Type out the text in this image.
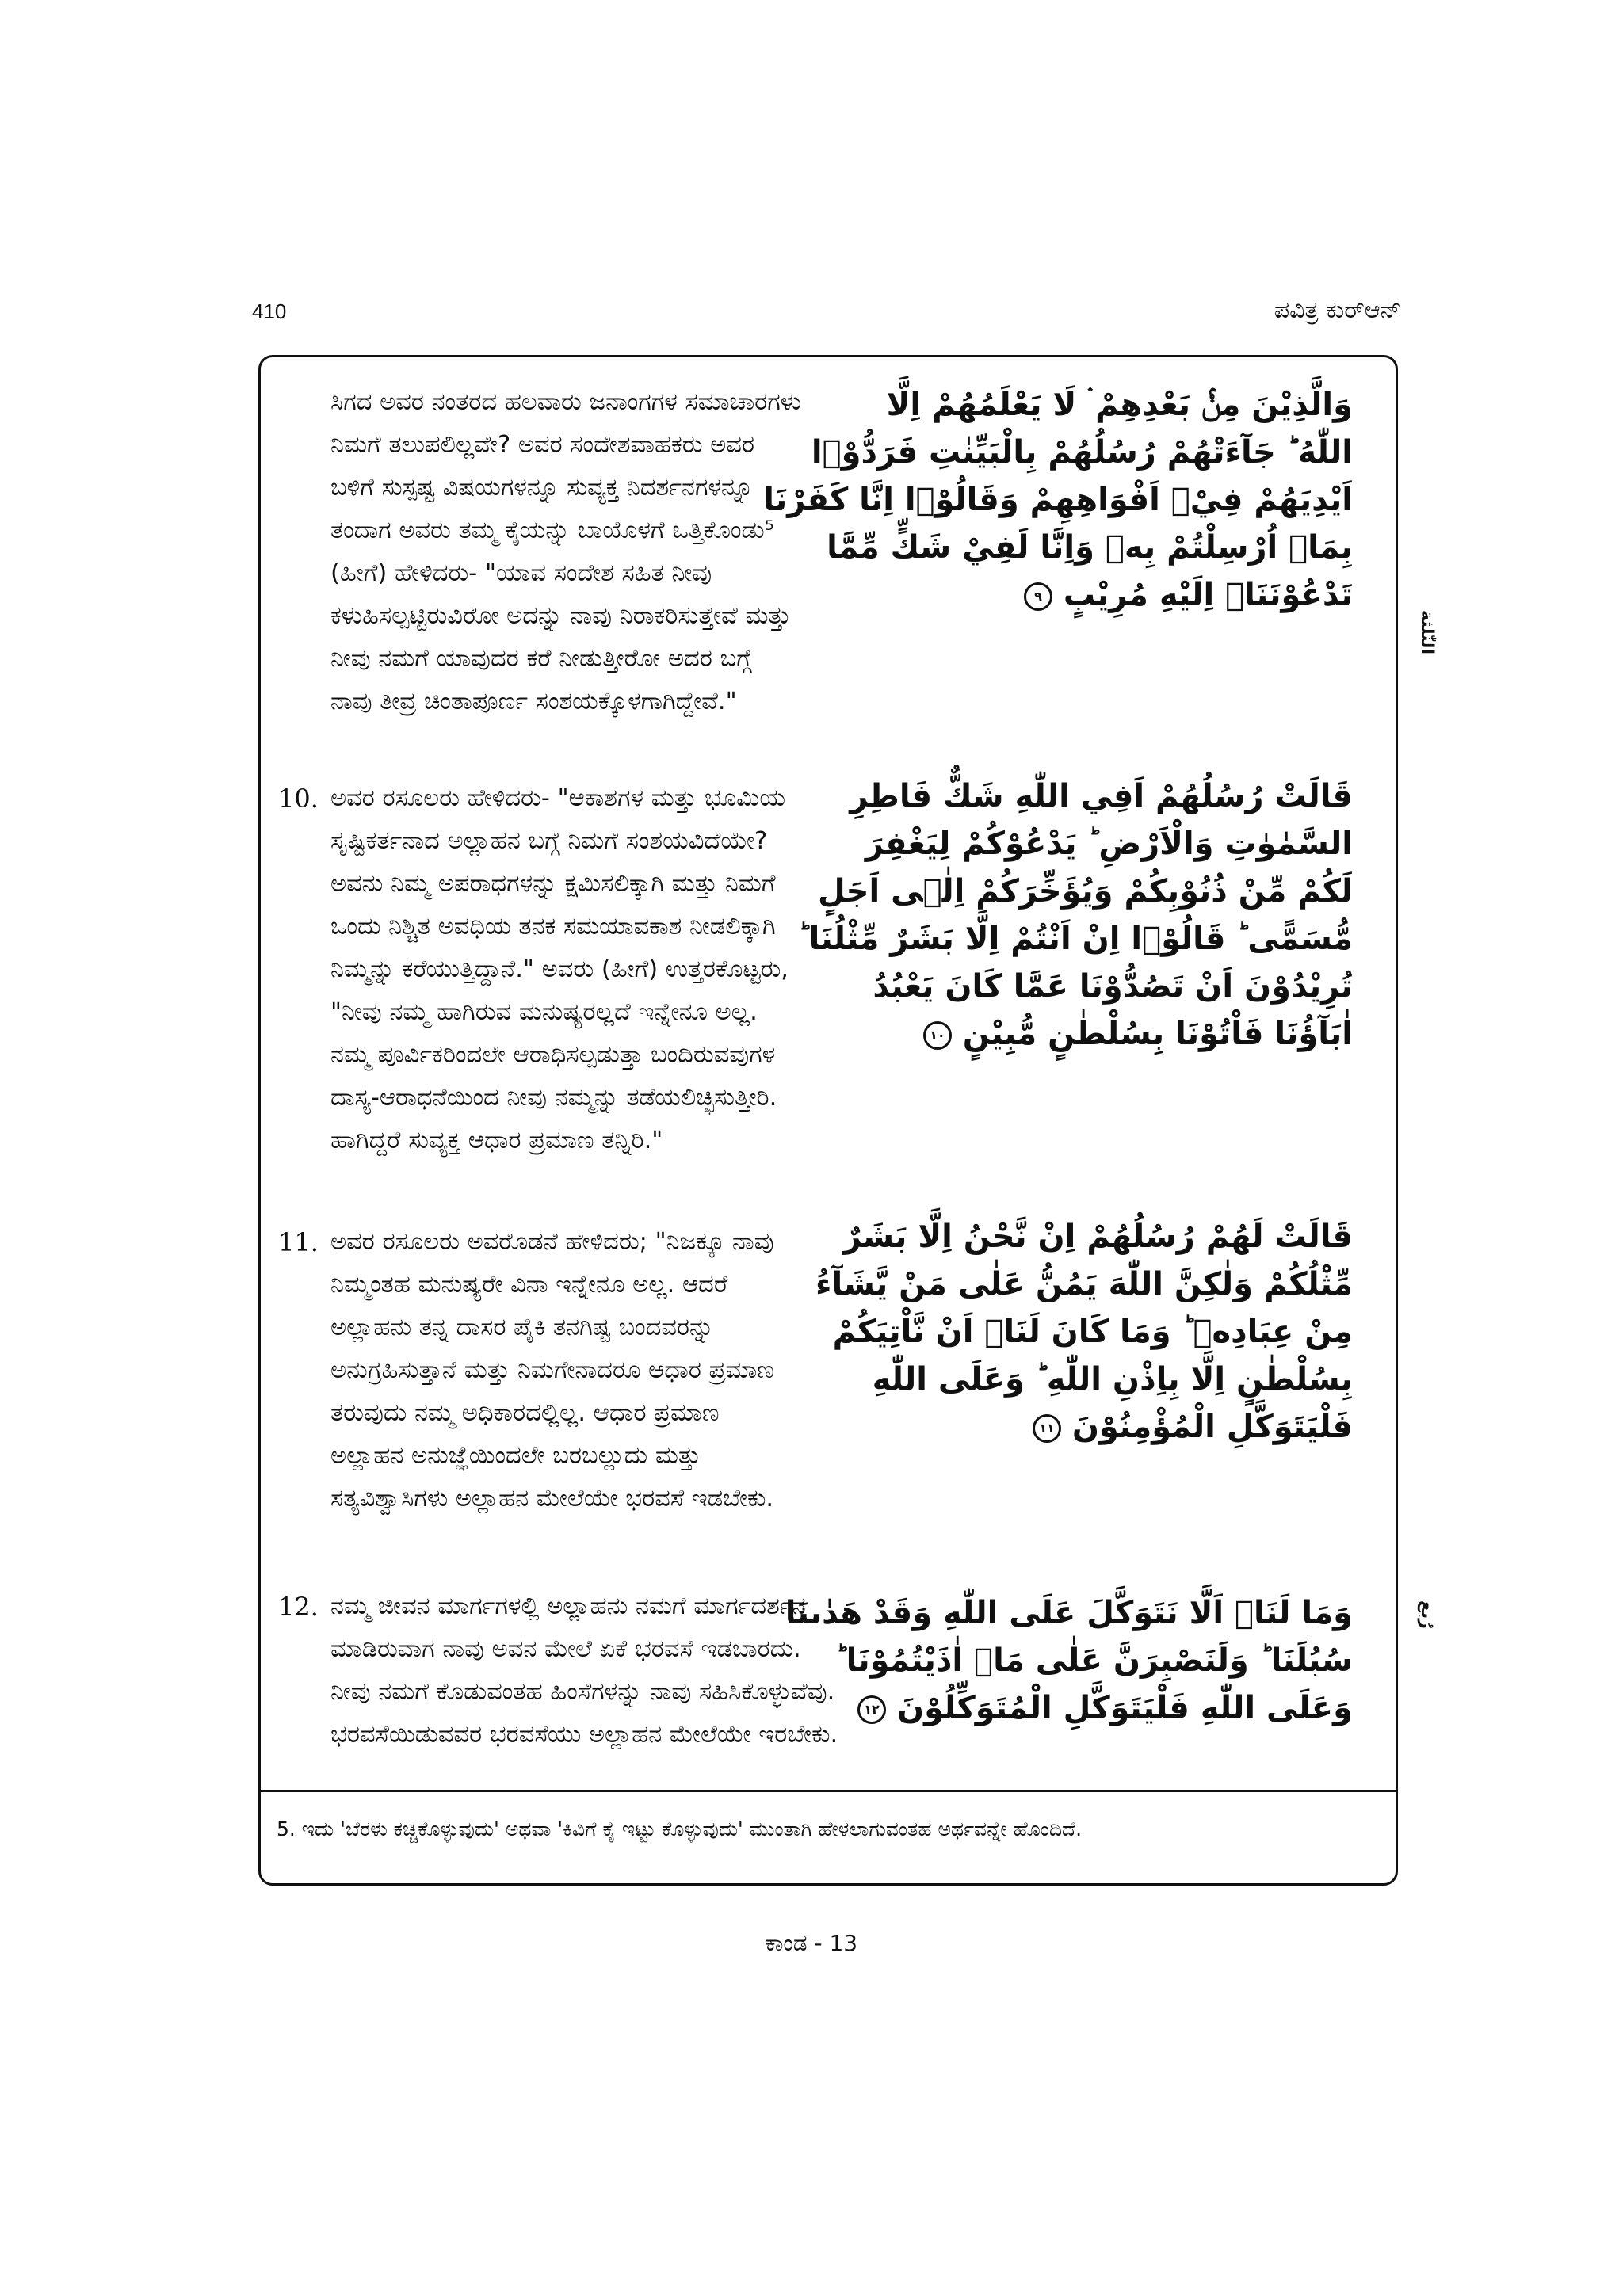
410	ಪವಿತ್ರ ಕುರ್‌ಆನ್
ಸಿಗದ ಅವರ ನಂತರದ ಹಲವಾರು ಜನಾಂಗಗಳ ಸಮಾಚಾರಗಳು
ನಿಮಗೆ ತಲುಪಲಿಲ್ಲವೇ? ಅವರ ಸಂದೇಶವಾಹಕರು ಅವರ
ಬಳಿಗೆ ಸುಸ್ಪಷ್ಟ ವಿಷಯಗಳನ್ನೂ ಸುವ್ಯಕ್ತ ನಿದರ್ಶನಗಳನ್ನೂ
ತಂದಾಗ ಅವರು ತಮ್ಮ ಕೈಯನ್ನು ಬಾಯೊಳಗೆ ಒತ್ತಿಕೊಂಡು⁵
(ಹೀಗೆ) ಹೇಳಿದರು- "ಯಾವ ಸಂದೇಶ ಸಹಿತ ನೀವು
ಕಳುಹಿಸಲ್ಪಟ್ಟಿರುವಿರೋ ಅದನ್ನು ನಾವು ನಿರಾಕರಿಸುತ್ತೇವೆ ಮತ್ತು
ನೀವು ನಮಗೆ ಯಾವುದರ ಕರೆ ನೀಡುತ್ತೀರೋ ಅದರ ಬಗ್ಗೆ
ನಾವು ತೀವ್ರ ಚಿಂತಾಪೂರ್ಣ ಸಂಶಯಕ್ಕೊಳಗಾಗಿದ್ದೇವೆ."
وَالَّذِيْنَ مِنْۢ بَعْدِهِمْ ۛ لَا يَعْلَمُهُمْ اِلَّا
اللّٰهُ ؕ جَآءَتْهُمْ رُسُلُهُمْ بِالْبَيِّنٰتِ فَرَدُّوْۤا
اَيْدِيَهُمْ فِيْۤ اَفْوَاهِهِمْ وَقَالُوْۤا اِنَّا كَفَرْنَا
بِمَاۤ اُرْسِلْتُمْ بِهٖ وَاِنَّا لَفِيْ شَكٍّ مِّمَّا
تَدْعُوْنَنَاۤ اِلَيْهِ مُرِيْبٍ ٩
10. ಅವರ ರಸೂಲರು ಹೇಳಿದರು- "ಆಕಾಶಗಳ ಮತ್ತು ಭೂಮಿಯ
ಸೃಷ್ಟಿಕರ್ತನಾದ ಅಲ್ಲಾಹನ ಬಗ್ಗೆ ನಿಮಗೆ ಸಂಶಯವಿದೆಯೇ?
ಅವನು ನಿಮ್ಮ ಅಪರಾಧಗಳನ್ನು ಕ್ಷಮಿಸಲಿಕ್ಕಾಗಿ ಮತ್ತು ನಿಮಗೆ
ಒಂದು ನಿಶ್ಚಿತ ಅವಧಿಯ ತನಕ ಸಮಯಾವಕಾಶ ನೀಡಲಿಕ್ಕಾಗಿ
ನಿಮ್ಮನ್ನು ಕರೆಯುತ್ತಿದ್ದಾನೆ." ಅವರು (ಹೀಗೆ) ಉತ್ತರಕೊಟ್ಟರು,
"ನೀವು ನಮ್ಮ ಹಾಗಿರುವ ಮನುಷ್ಯರಲ್ಲದೆ ಇನ್ನೇನೂ ಅಲ್ಲ.
ನಮ್ಮ ಪೂರ್ವಿಕರಿಂದಲೇ ಆರಾಧಿಸಲ್ಪಡುತ್ತಾ ಬಂದಿರುವವುಗಳ
ದಾಸ್ಯ-ಆರಾಧನೆಯಿಂದ ನೀವು ನಮ್ಮನ್ನು ತಡೆಯಲಿಚ್ಛಿಸುತ್ತೀರಿ.
ಹಾಗಿದ್ದರೆ ಸುವ್ಯಕ್ತ ಆಧಾರ ಪ್ರಮಾಣ ತನ್ನಿರಿ."
قَالَتْ رُسُلُهُمْ اَفِي اللّٰهِ شَكٌّ فَاطِرِ
السَّمٰوٰتِ وَالْاَرْضِ ؕ يَدْعُوْكُمْ لِيَغْفِرَ
لَكُمْ مِّنْ ذُنُوْبِكُمْ وَيُؤَخِّرَكُمْ اِلٰۤى اَجَلٍ
مُّسَمًّى ؕ قَالُوْۤا اِنْ اَنْتُمْ اِلَّا بَشَرٌ مِّثْلُنَا ؕ
تُرِيْدُوْنَ اَنْ تَصُدُّوْنَا عَمَّا كَانَ يَعْبُدُ
اٰبَآؤُنَا فَاْتُوْنَا بِسُلْطٰنٍ مُّبِيْنٍ ١٠
11. ಅವರ ರಸೂಲರು ಅವರೊಡನೆ ಹೇಳಿದರು; "ನಿಜಕ್ಕೂ ನಾವು
ನಿಮ್ಮಂತಹ ಮನುಷ್ಯರೇ ವಿನಾ ಇನ್ನೇನೂ ಅಲ್ಲ. ಆದರೆ
ಅಲ್ಲಾಹನು ತನ್ನ ದಾಸರ ಪೈಕಿ ತನಗಿಷ್ಟ ಬಂದವರನ್ನು
ಅನುಗ್ರಹಿಸುತ್ತಾನೆ ಮತ್ತು ನಿಮಗೇನಾದರೂ ಆಧಾರ ಪ್ರಮಾಣ
ತರುವುದು ನಮ್ಮ ಅಧಿಕಾರದಲ್ಲಿಲ್ಲ. ಆಧಾರ ಪ್ರಮಾಣ
ಅಲ್ಲಾಹನ ಅನುಜ್ಞೆಯಿಂದಲೇ ಬರಬಲ್ಲುದು ಮತ್ತು
ಸತ್ಯವಿಶ್ವಾಸಿಗಳು ಅಲ್ಲಾಹನ ಮೇಲೆಯೇ ಭರವಸೆ ಇಡಬೇಕು.
قَالَتْ لَهُمْ رُسُلُهُمْ اِنْ نَّحْنُ اِلَّا بَشَرٌ
مِّثْلُكُمْ وَلٰكِنَّ اللّٰهَ يَمُنُّ عَلٰى مَنْ يَّشَآءُ
مِنْ عِبَادِهٖ ؕ وَمَا كَانَ لَنَاۤ اَنْ نَّاْتِيَكُمْ
بِسُلْطٰنٍ اِلَّا بِاِذْنِ اللّٰهِ ؕ وَعَلَى اللّٰهِ
فَلْيَتَوَكَّلِ الْمُؤْمِنُوْنَ ١١
12. ನಮ್ಮ ಜೀವನ ಮಾರ್ಗಗಳಲ್ಲಿ ಅಲ್ಲಾಹನು ನಮಗೆ ಮಾರ್ಗದರ್ಶನ
ಮಾಡಿರುವಾಗ ನಾವು ಅವನ ಮೇಲೆ ಏಕೆ ಭರವಸೆ ಇಡಬಾರದು.
ನೀವು ನಮಗೆ ಕೊಡುವಂತಹ ಹಿಂಸೆಗಳನ್ನು ನಾವು ಸಹಿಸಿಕೊಳ್ಳುವೆವು.
ಭರವಸೆಯಿಡುವವರ ಭರವಸೆಯು ಅಲ್ಲಾಹನ ಮೇಲೆಯೇ ಇರಬೇಕು.
وَمَا لَنَاۤ اَلَّا نَتَوَكَّلَ عَلَى اللّٰهِ وَقَدْ هَدٰٮنَا
سُبُلَنَا ؕ وَلَنَصْبِرَنَّ عَلٰى مَاۤ اٰذَيْتُمُوْنَا ؕ
وَعَلَى اللّٰهِ فَلْيَتَوَكَّلِ الْمُتَوَكِّلُوْنَ ١٢
5. ಇದು 'ಬೆರಳು ಕಚ್ಚಿಕೊಳ್ಳುವುದು' ಅಥವಾ 'ಕಿವಿಗೆ ಕೈ ಇಟ್ಟು ಕೊಳ್ಳುವುದು' ಮುಂತಾಗಿ ಹೇಳಲಾಗುವಂತಹ ಅರ್ಥವನ್ನೇ ಹೊಂದಿದೆ.
النّٰلثة
رُبع
ಕಾಂಡ - 13
